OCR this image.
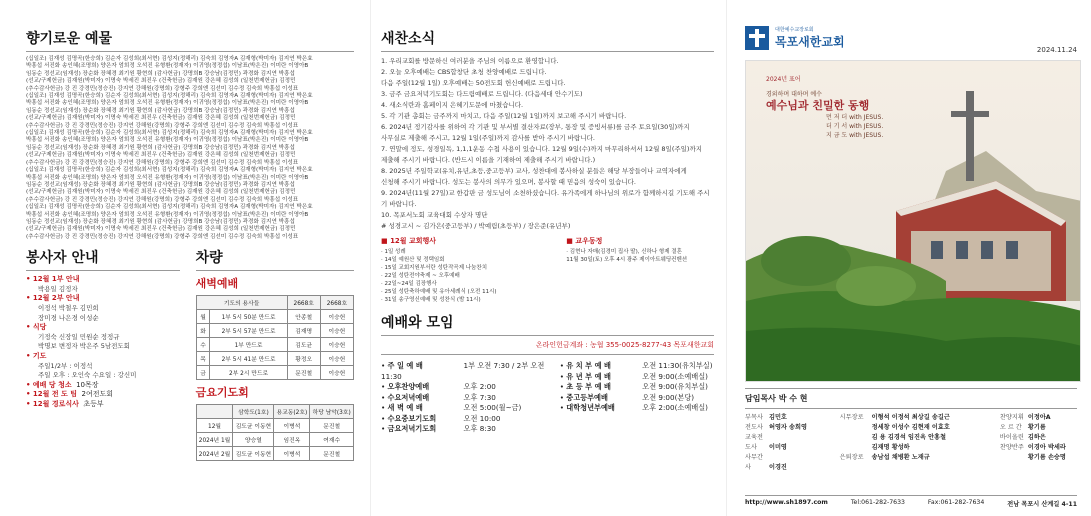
향기로운 예물

(십일조) 김재성 김명곡(한승희) 김순자 김성희(최서현) 김성지(정해리) 김숙희 김영자A 김재형(박미자) 김지연 박은효

박흥섭 서진화 송인혜(조명희) 양은자 엄희정 오석진 유형환(정재자) 이귀영(정정섭) 이남표(박은진) 이미란 이영아B

임동순 정선교(임재성) 장순화 장혜경 최기원 황현희 (감사헌금) 강명희B 강승남(김정민) 곽경화 김지연 박흥섭

(선교/구제헌금) 김재원(박미자) 이명숙 박세진 최진우 (건축헌금) 김재원 강은혜 김성희 (일천번제헌금) 김정민

(추수감사헌금) 강 진 강경민(정승진) 강지연 강해원(강명희) 강형주 강희엔 김선미 김수정 김숙희 박흥섭 이성표

(십일조) 김재성 김명곡(한승희) 김순자 김성희(최서현) 김성지(정해리) 김숙희 김영자A 김재형(박미자) 김지연 박은효

박흥섭 서진화 송인혜(조명희) 양은자 엄희정 오석진 유형환(정재자) 이귀영(정정섭) 이남표(박은진) 이미란 이영아B

임동순 정선교(임재성) 장순화 장혜경 최기원 황현희 (감사헌금) 강명희B 강승남(김정민) 곽경화 김지연 박흥섭

(선교/구제헌금) 김재원(박미자) 이명숙 박세진 최진우 (건축헌금) 김재원 강은혜 김성희 (일천번제헌금) 김정민

(추수감사헌금) 강 진 강경민(정승진) 강지연 강해원(강명희) 강형주 강희엔 김선미 김수정 김숙희 박흥섭 이성표

(십일조) 김재성 김명곡(한승희) 김순자 김성희(최서현) 김성지(정해리) 김숙희 김영자A 김재형(박미자) 김지연 박은효

박흥섭 서진화 송인혜(조명희) 양은자 엄희정 오석진 유형환(정재자) 이귀영(정정섭) 이남표(박은진) 이미란 이영아B

임동순 정선교(임재성) 장순화 장혜경 최기원 황현희 (감사헌금) 강명희B 강승남(김정민) 곽경화 김지연 박흥섭

(선교/구제헌금) 김재원(박미자) 이명숙 박세진 최진우 (건축헌금) 김재원 강은혜 김성희 (일천번제헌금) 김정민

(추수감사헌금) 강 진 강경민(정승진) 강지연 강해원(강명희) 강형주 강희엔 김선미 김수정 김숙희 박흥섭 이성표

(십일조) 김재성 김명곡(한승희) 김순자 김성희(최서현) 김성지(정해리) 김숙희 김영자A 김재형(박미자) 김지연 박은효

박흥섭 서진화 송인혜(조명희) 양은자 엄희정 오석진 유형환(정재자) 이귀영(정정섭) 이남표(박은진) 이미란 이영아B

임동순 정선교(임재성) 장순화 장혜경 최기원 황현희 (감사헌금) 강명희B 강승남(김정민) 곽경화 김지연 박흥섭

(선교/구제헌금) 김재원(박미자) 이명숙 박세진 최진우 (건축헌금) 김재원 강은혜 김성희 (일천번제헌금) 김정민

(추수감사헌금) 강 진 강경민(정승진) 강지연 강해원(강명희) 강형주 강희엔 김선미 김수정 김숙희 박흥섭 이성표

(십일조) 김재성 김명곡(한승희) 김순자 김성희(최서현) 김성지(정해리) 김숙희 김영자A 김재형(박미자) 김지연 박은효

박흥섭 서진화 송인혜(조명희) 양은자 엄희정 오석진 유형환(정재자) 이귀영(정정섭) 이남표(박은진) 이미란 이영아B

임동순 정선교(임재성) 장순화 장혜경 최기원 황현희 (감사헌금) 강명희B 강승남(김정민) 곽경화 김지연 박흥섭

(선교/구제헌금) 김재원(박미자) 이명숙 박세진 최진우 (건축헌금) 김재원 강은혜 김성희 (일천번제헌금) 김정민

(추수감사헌금) 강 진 강경민(정승진) 강지연 강해원(강명희) 강형주 강희엔 김선미 김수정 김숙희 박흥섭 이성표

봉사자 안내
• 12월 1부 안내
박용일 김정자
• 12월 2부 안내
이정석 박철우 김민희
장미경 나은경 이성순
• 식당
기정숙 신장일 민원순 정정규
박명보 변정자 박은주 5남전도회
• 기도
주일1/2부 : 이정석
주일 오후 : 오인숙 수요일 : 강신미
• 예배 당 청소 10목장
• 12월 전 도 팀 2여전도회
• 12월 경로식사 초등부
차량
새벽예배
기도의 용사들		2668호	2668호
월	1부 5시 50분 만드로	안종철	이승헌
화	2부 5시 57분 만드로	김재명	이승헌
수	1부 만드로	김도균	이승헌
목	2부 5시 41분 만드로	황정오	이승헌
금	2부 2시 만드로	문진철	이승헌
금요기도회
	삼학도(1호)	용교동(2호)	하당 남악(3호)
12월	김도균 이동현	이병석	문진철
2024년 1월	양승열	임진옥	여재수
2024년 2월	김도균 이동현	이병석	문진철
새찬소식
1. 우리교회를 방문하신 여러분을 주님의 이름으로 환영합니다.
2. 오늘 오후예배는 CBS합창단 초청 찬양예배로 드립니다.
다음 주일(12월 1일) 오후예배는 50전도회 헌신예배로 드립니다.
3. 금주 금요저녁기도회는 다드림예배로 드립니다. (다음세대 안수기도)
4. 새소식란과 홈페이지 은혜기도문에 마쳤습니다.
5. 각 기관 총회는 금주까지 마치고, 다음 주일(12월 1일)까지 보고해 주시기 바랍니다.
6. 2024년 정기감사를 위하여 각 기관 및 부서별 결산자료(장부, 통장 및 증빙서류)를 금주 토요일(30일)까지
사무실로 제출해 주시고, 12월 1일(주일)까지 감사를 받아 주시기 바랍니다.
7. 연말에 정도, 성경일독, 1,1,1운동 수첩 사용이 있습니다. 12월 9일(수)까지 마무리하셔서 12월 8일(주일)까지
제출해 주시기 바랍니다. (반드시 이름을 기재하여 제출해 주시기 바랍니다.)
8. 2025년 주일학교(유치,유년,초등,중고등부) 교사, 성찬대에 봉사하실 분들은 해당 부장들이나 교역자에게
신청해 주시기 바랍니다. 성도는 봉사의 의무가 있으며, 봉사할 때 믿음의 성숙이 있습니다.
9. 2024년(11월 27일)교 한갑판 금 성도님이 소천하셨습니다. 유가족에게 하나님의 위로가 함께하시길 기도해 주시기 바랍니다.
10. 목포서노회 교육대회 수상자 명단
# 성경고시 ~ 김가은(중고등부) / 박예림(초등부) / 장은준(유년부)
■ 12월 교회행사
· 1일 성례
· 14일 예원산 및 정택임회
· 15일 교회지원부서란 성탄작곡제 나눔찬치
· 22일 성탄전야축제 ~ 오후예배
· 22일~24일 김장행사
· 25일 성탄축하예배 및 유아세례식 (오전 11시)
· 31일 송구영신예배 및 성찬식 (밤 11시)
■ 교우동정
· 김현나 자매(김경미 집사 딸), 신하나 형제 결혼
11월 30일(토) 오후 4시 광주 제이아트웨딩컨벤션
예배와 모임
온라인헌금계좌 : 농협 355-0025-8277-43 목포새한교회
• 주 일 예 배	1부 오전 7:30 / 2부 오전 11:30
• 오후찬양예배	오후 2:00
• 수요저녁예배	오후 7:30
• 새 벽 예 배	오전 5:00(월~금)
• 수요중보기도회	오전 10:00
• 금요저녁기도회	오후 8:30
• 유 치 부 예 배	오전 11:30(유치부실)
• 유 년 부 예 배	오전 9:00(소예배실)
• 초 등 부 예 배	오전 9:00(유치부실)
• 중고등부예배	오전 9:00(본당)
• 대학청년부예배	오후 2:00(소예배실)
대한예수교장로회
목포새한교회
2024.11.24
2024년 표어
경외하며 대하며 예수
예수님과 친밀한 동행
먼 저 더 with JESUS.
더 기 서 with JESUS.
지 금 도 with JESUS.
담임목사 박 수 현
부목사 김민호
전도사 허영자 송희영
교육전도사 이미영
사무간사	이경진
시무장로 이형석 이정석 최상길 송길근
정세창 이성수 김현재 이효호
김 용 김경석 임진옥 안홍철
김재명 황성하
은퇴장로 송남섭 채병환 노재규
찬양지휘 이정아A
오 르 간 황기름
바이올린 김하은
찬양반주 이경아 박세라
황기름 손승명
http://www.sh1897.com	Tel:061-282-7633	Fax:061-282-7634	전남 목포시 산계길 4-11
